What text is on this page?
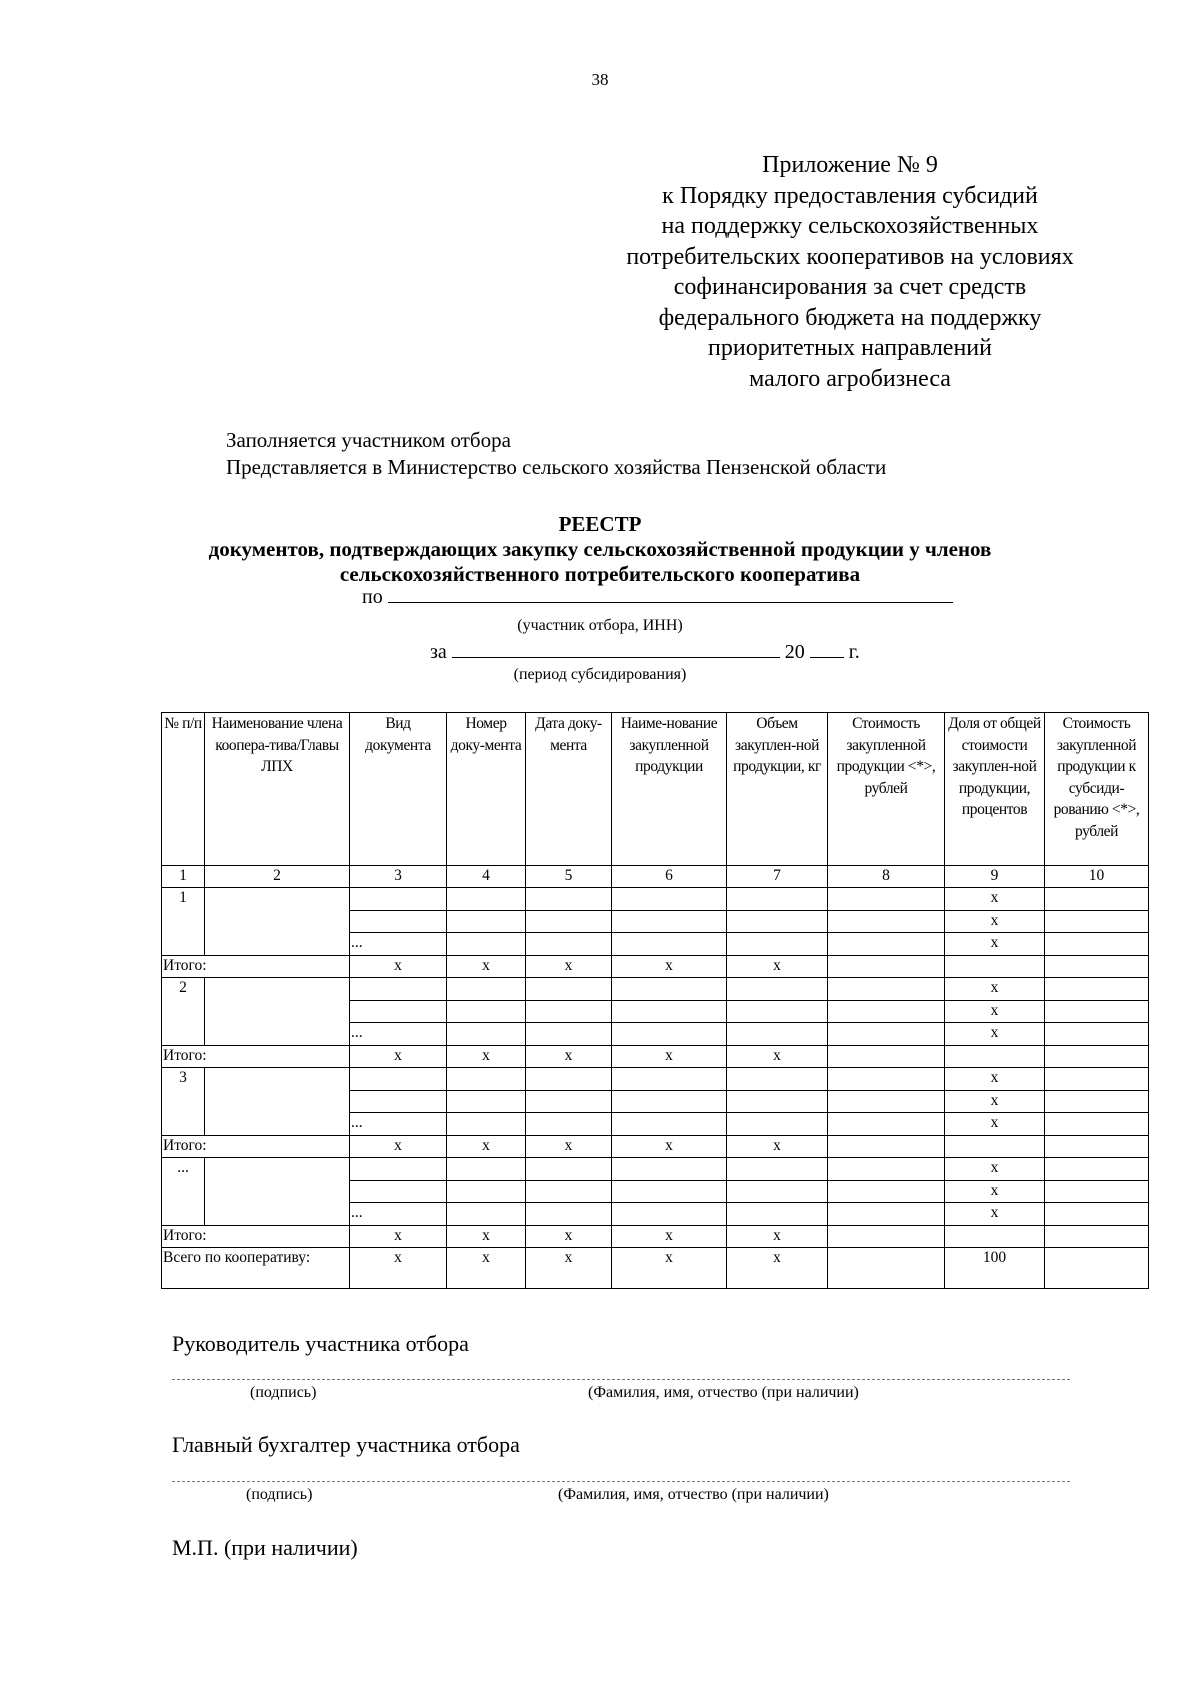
38
Приложение № 9
к Порядку предоставления субсидий
на поддержку сельскохозяйственных
потребительских кооперативов на условиях
софинансирования за счет средств
федерального бюджета на поддержку
приоритетных направлений
малого агробизнеса
Заполняется участником отбора
Представляется в Министерство сельского хозяйства Пензенской области
РЕЕСТР
документов, подтверждающих закупку сельскохозяйственной продукции у членов
сельскохозяйственного потребительского кооператива
по
(участник отбора, ИНН)
за	20 г.
(период субсидирования)
№ п/п	Наименование члена коопера-тива/Главы ЛПХ	Вид документа	Номер доку-мента	Дата доку-мента	Наиме-нование закупленной продукции	Объем закуплен-ной продукции, кг	Стоимость закупленной продукции <*>, рублей	Доля от общей стоимости закуплен-ной продукции, процентов	Стоимость закупленной продукции к субсиди-рованию <*>, рублей
1	2	3	4	5	6	7	8	9	10
1								x	
								x	
		...						x	
Итого:		x	x	x	x	x			
2								x	
								x	
		...						x	
Итого:		x	x	x	x	x			
3								x	
								x	
		...						x	
Итого:		x	x	x	x	x			
...								x	
								x	
		...						x	
Итого:		x	x	x	x	x			
Всего по кооперативу:		x	x	x	x	x		100	
Руководитель участника отбора
(подпись)	(Фамилия, имя, отчество (при наличии)
Главный бухгалтер участника отбора
(подпись)	(Фамилия, имя, отчество (при наличии)
М.П. (при наличии)
